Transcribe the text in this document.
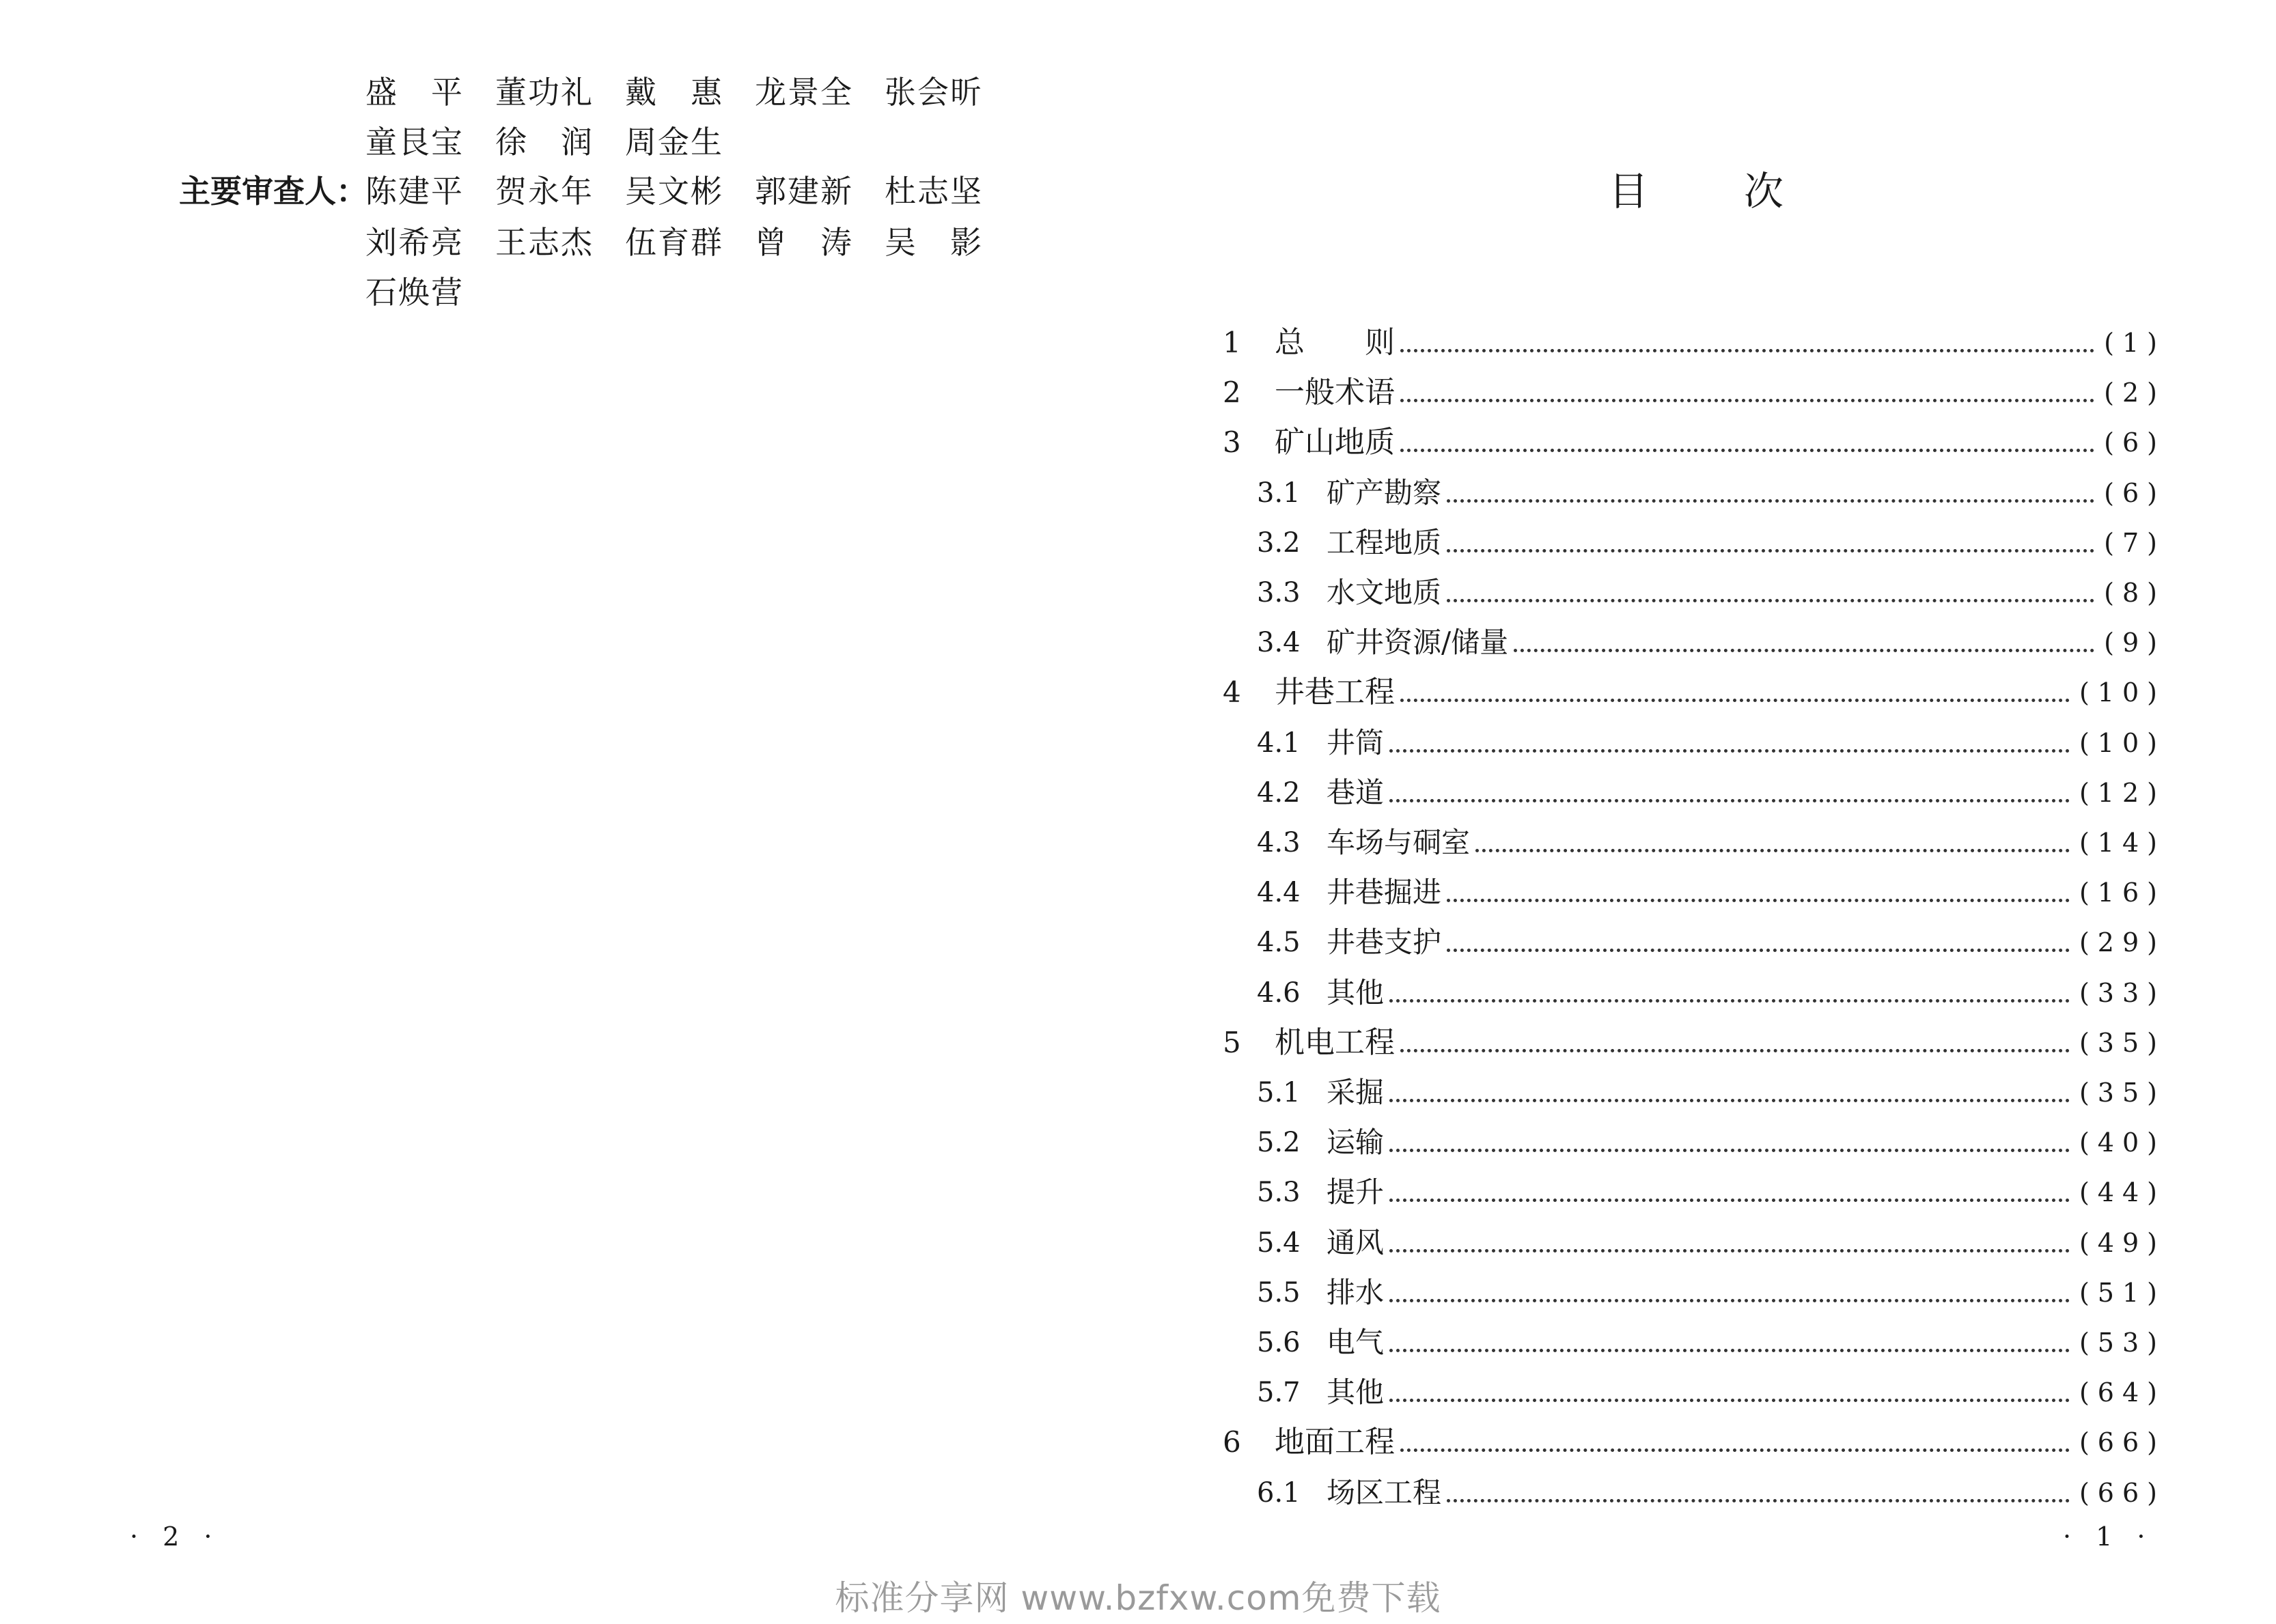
主要审查人：
盛　平 董功礼 戴　惠 龙景全 张会昕
童艮宝 徐　润 周金生
陈建平 贺永年 吴文彬 郭建新 杜志坚
刘希亮 王志杰 伍育群 曾　涛 吴　影
石焕营
· 2 ·
目次
1 总　　则	(1)
2 一般术语	(2)
3 矿山地质	(6)
3.1 矿产勘察	(6)
3.2 工程地质	(7)
3.3 水文地质	(8)
3.4 矿井资源/储量	(9)
4 井巷工程	(10)
4.1 井筒	(10)
4.2 巷道	(12)
4.3 车场与硐室	(14)
4.4 井巷掘进	(16)
4.5 井巷支护	(29)
4.6 其他	(33)
5 机电工程	(35)
5.1 采掘	(35)
5.2 运输	(40)
5.3 提升	(44)
5.4 通风	(49)
5.5 排水	(51)
5.6 电气	(53)
5.7 其他	(64)
6 地面工程	(66)
6.1 场区工程	(66)
· 1 ·
标准分享网 www.bzfxw.com免费下载
